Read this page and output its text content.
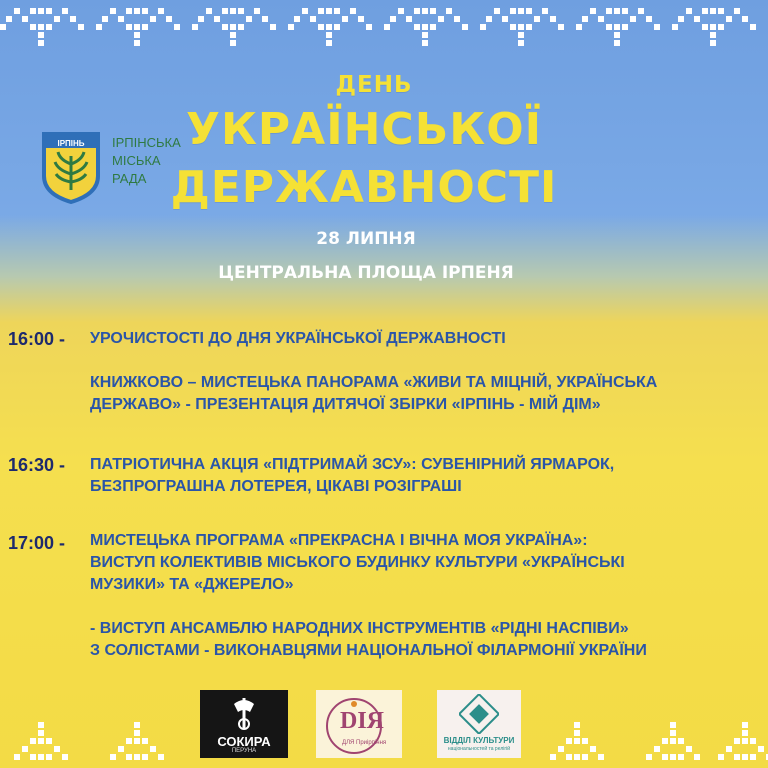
ІРПІНЬ ІРПІНСЬКА
МІСЬКА
РАДА
ДЕНЬ
УКРАЇНСЬКОЇ
ДЕРЖАВНОСТІ
28 ЛИПНЯ
ЦЕНТРАЛЬНА ПЛОЩА ІРПЕНЯ
16:00 - УРОЧИСТОСТІ ДО ДНЯ УКРАЇНСЬКОЇ ДЕРЖАВНОСТІ
КНИЖКОВО – МИСТЕЦЬКА ПАНОРАМА «ЖИВИ ТА МІЦНІЙ, УКРАЇНСЬКА
ДЕРЖАВО» - ПРЕЗЕНТАЦІЯ ДИТЯЧОЇ ЗБІРКИ «ІРПІНЬ - МІЙ ДІМ»
16:30 - ПАТРІОТИЧНА АКЦІЯ «ПІДТРИМАЙ ЗСУ»: СУВЕНІРНИЙ ЯРМАРОК,
БЕЗПРОГРАШНА ЛОТЕРЕЯ, ЦІКАВІ РОЗІГРАШІ
17:00 - МИСТЕЦЬКА ПРОГРАМА «ПРЕКРАСНА І ВІЧНА МОЯ УКРАЇНА»:
ВИСТУП КОЛЕКТИВІВ МІСЬКОГО БУДИНКУ КУЛЬТУРИ «УКРАЇНСЬКІ
МУЗИКИ» ТА «ДЖЕРЕЛО»
- ВИСТУП АНСАМБЛЮ НАРОДНИХ ІНСТРУМЕНТІВ «РІДНІ НАСПІВИ»
З СОЛІСТАМИ - ВИКОНАВЦЯМИ НАЦІОНАЛЬНОЇ ФІЛАРМОНІЇ УКРАЇНИ
СОКИРА
ПЕРУНА
DIЯ
ДЛЯ Приірпіння	ВІДДІЛ КУЛЬТУРИ
національностей та релігій
